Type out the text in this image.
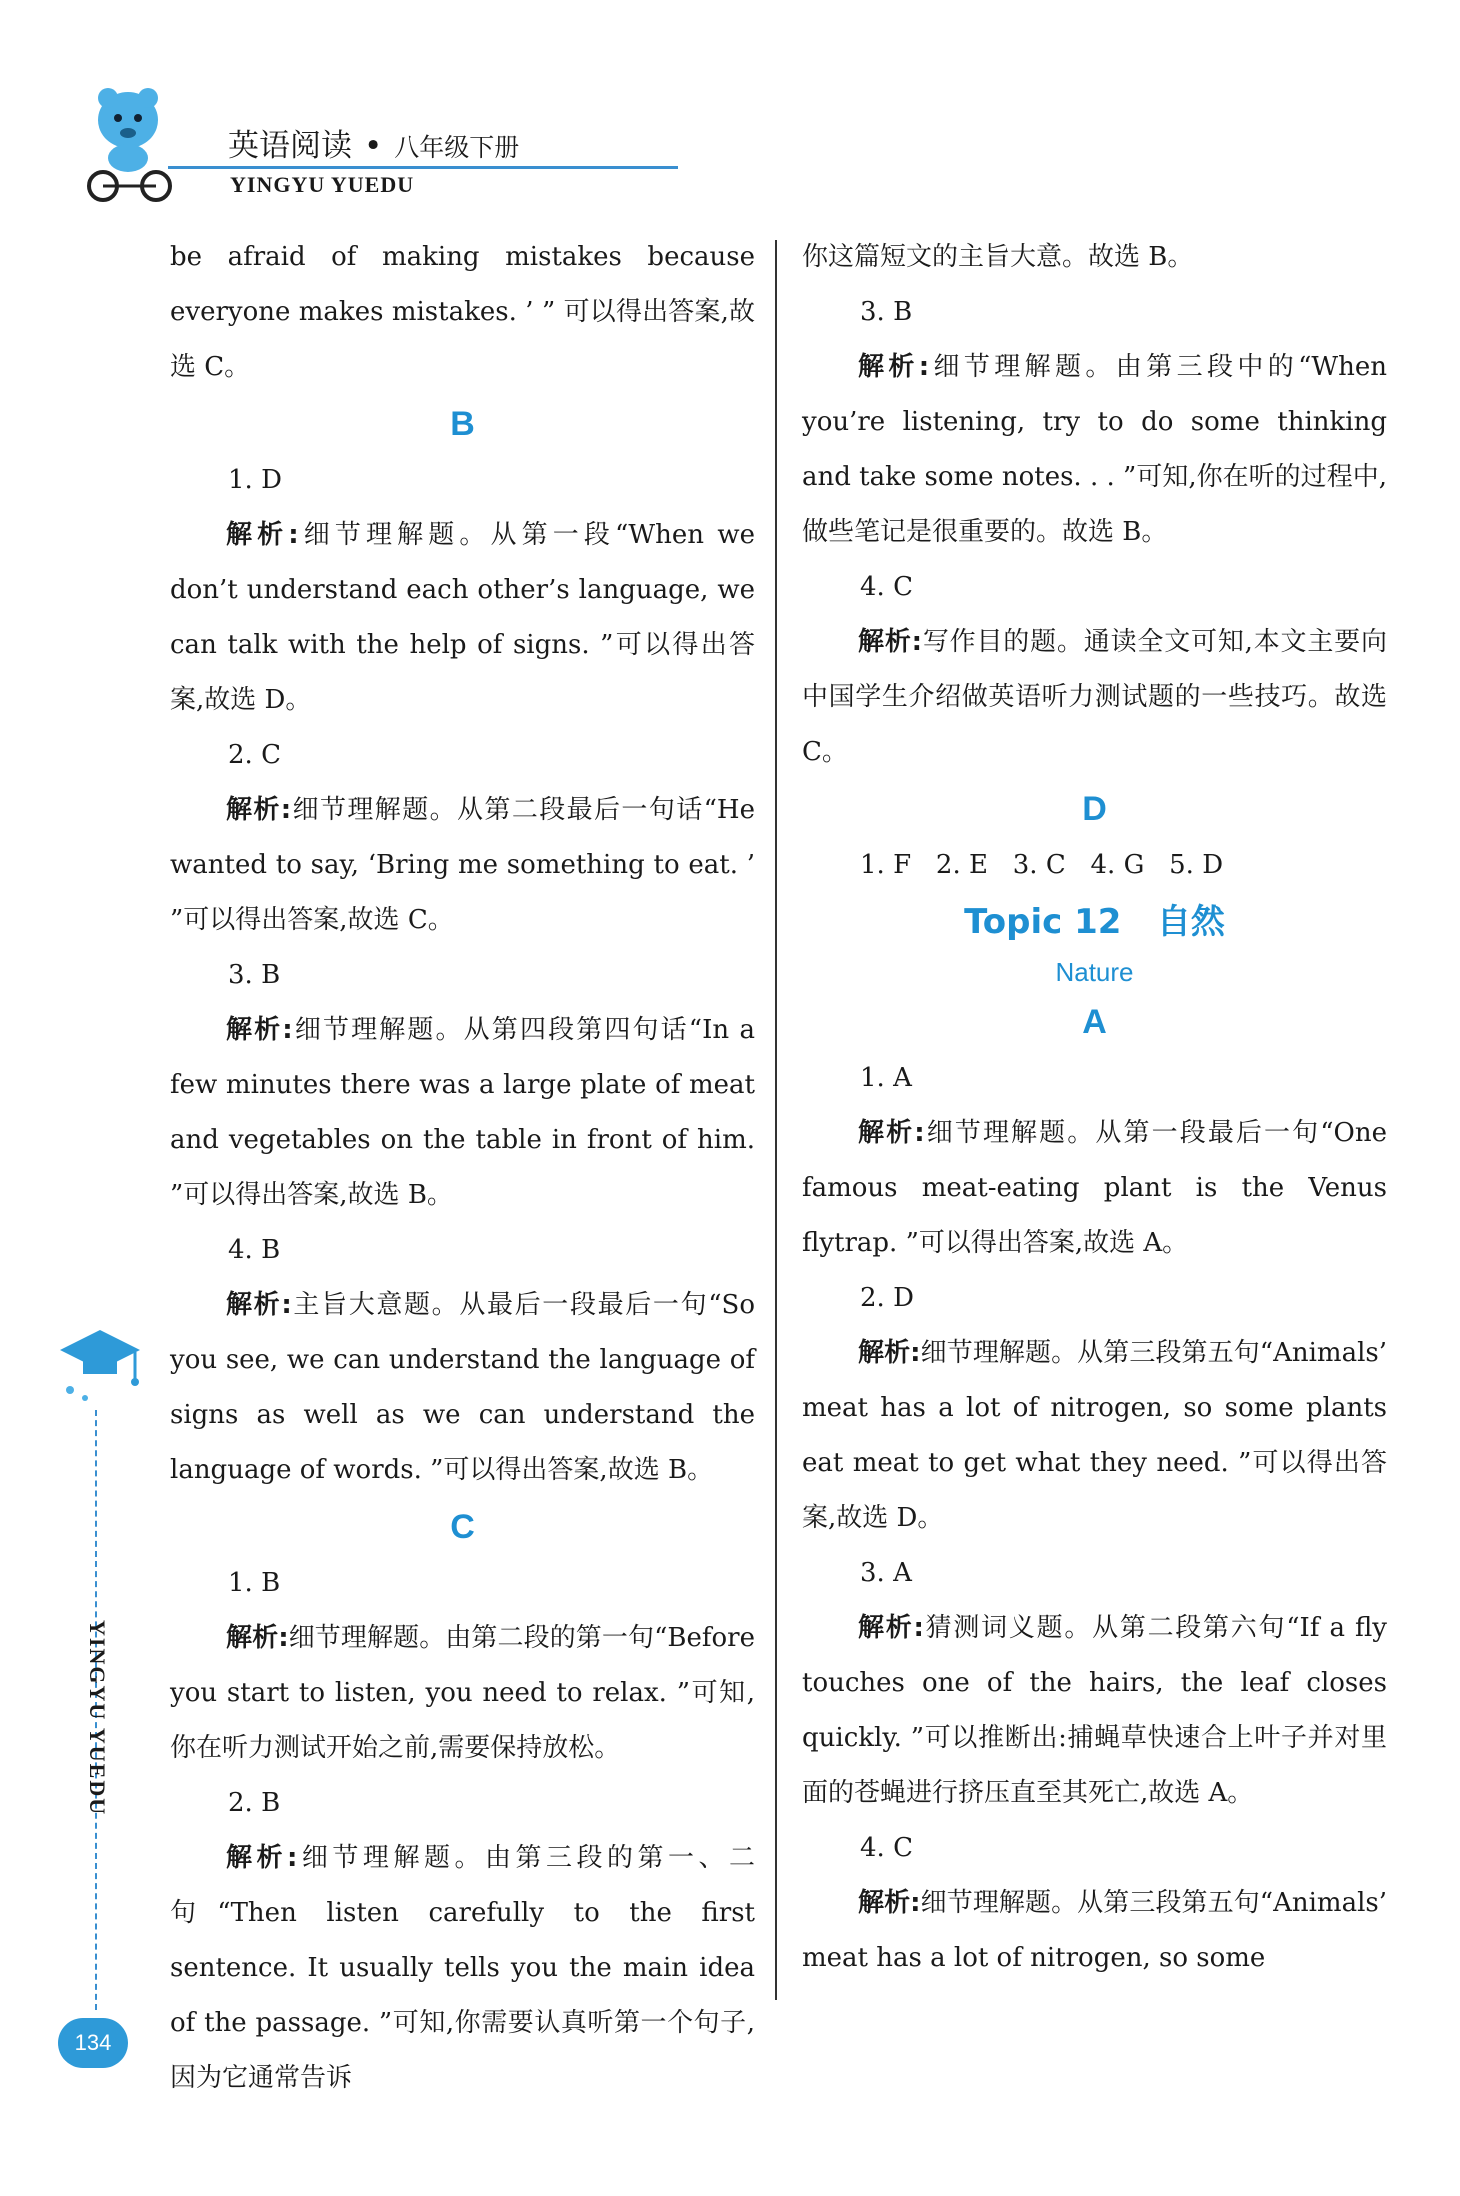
英语阅读 • 八年级下册
YINGYU YUEDU
be afraid of making mistakes because everyone makes mistakes. ’ ” 可以得出答案,故选 C。
B
1. D
解析:细节理解题。从第一段“When we don’t understand each other’s language, we can talk with the help of signs. ”可以得出答案,故选 D。
2. C
解析:细节理解题。从第二段最后一句话“He wanted to say, ‘Bring me something to eat. ’ ”可以得出答案,故选 C。
3. B
解析:细节理解题。从第四段第四句话“In a few minutes there was a large plate of meat and vegetables on the table in front of him. ”可以得出答案,故选 B。
4. B
解析:主旨大意题。从最后一段最后一句“So you see, we can understand the language of signs as well as we can understand the language of words. ”可以得出答案,故选 B。
C
1. B
解析:细节理解题。由第二段的第一句“Before you start to listen, you need to relax. ”可知,你在听力测试开始之前,需要保持放松。
2. B
解析:细节理解题。由第三段的第一、二句“Then listen carefully to the first sentence. It usually tells you the main idea of the passage. ”可知,你需要认真听第一个句子,因为它通常告诉
你这篇短文的主旨大意。故选 B。
3. B
解析:细节理解题。由第三段中的“When you’re listening, try to do some thinking and take some notes. . . ”可知,你在听的过程中,做些笔记是很重要的。故选 B。
4. C
解析:写作目的题。通读全文可知,本文主要向中国学生介绍做英语听力测试题的一些技巧。故选 C。
D
1. F   2. E   3. C   4. G   5. D
Topic 12   自然
Nature
A
1. A
解析:细节理解题。从第一段最后一句“One famous meat-eating plant is the Venus flytrap. ”可以得出答案,故选 A。
2. D
解析:细节理解题。从第三段第五句“Animals’ meat has a lot of nitrogen, so some plants eat meat to get what they need. ”可以得出答案,故选 D。
3. A
解析:猜测词义题。从第二段第六句“If a fly touches one of the hairs, the leaf closes quickly. ”可以推断出:捕蝇草快速合上叶子并对里面的苍蝇进行挤压直至其死亡,故选 A。
4. C
解析:细节理解题。从第三段第五句“Animals’ meat has a lot of nitrogen, so some
YINGYU YUEDU
134
